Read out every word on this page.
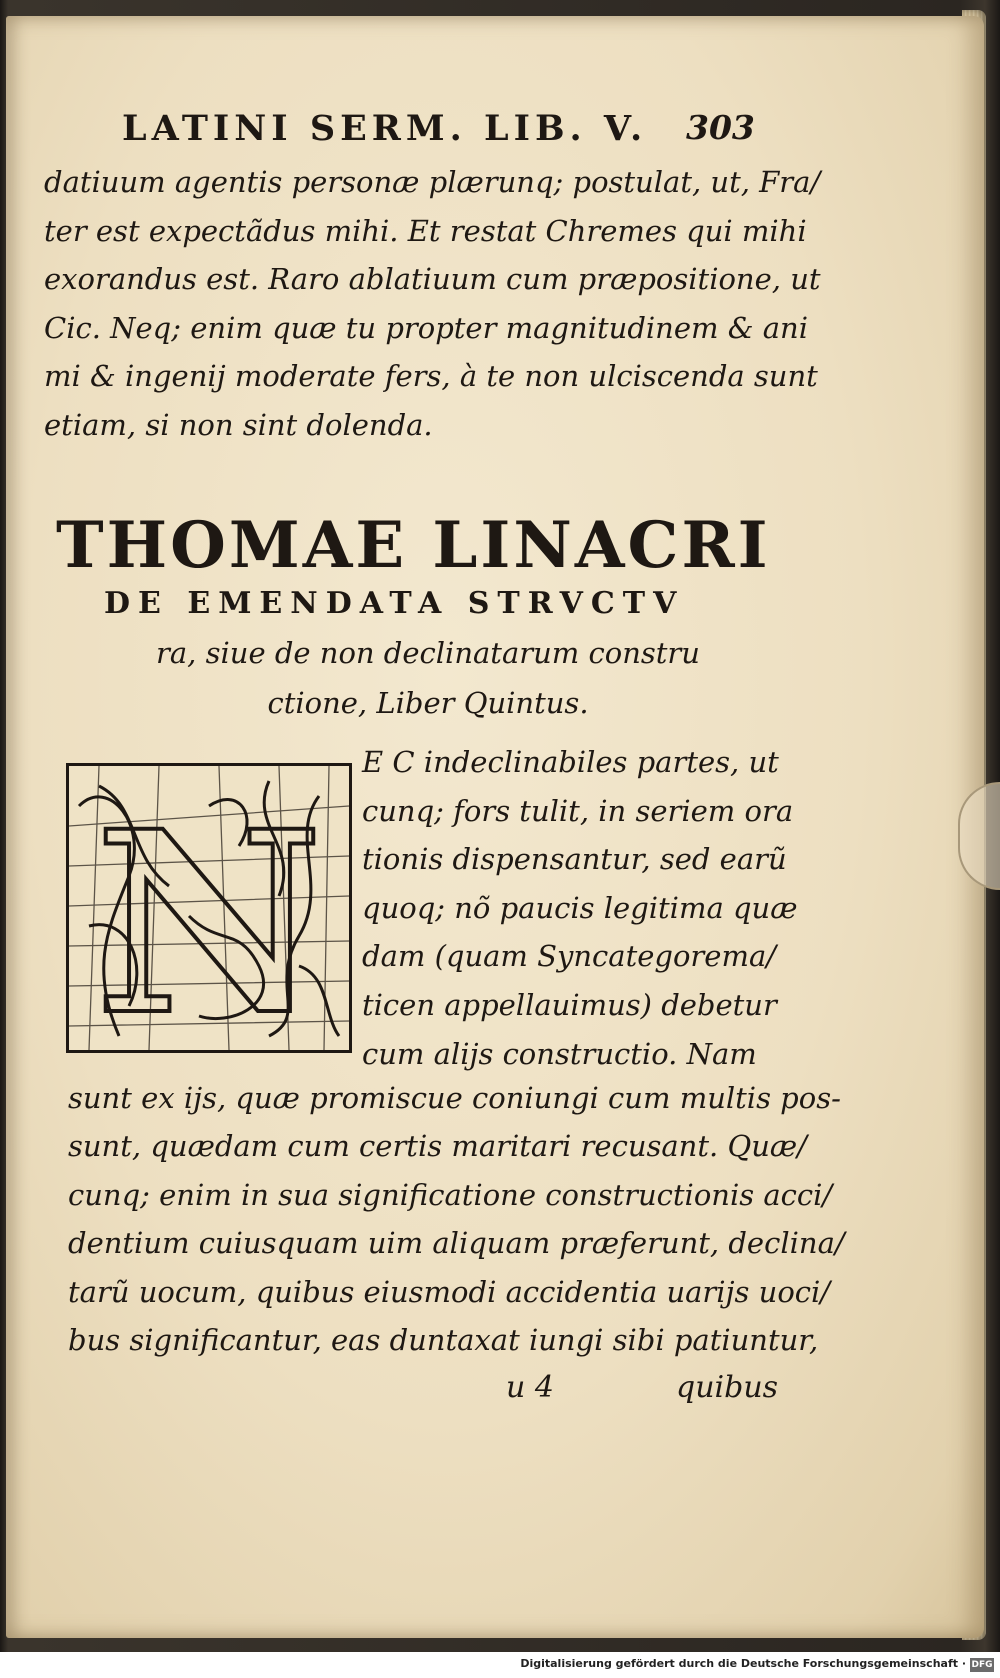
LATINI SERM. LIB. V.	303
datiuum agentis personæ plærunq; postulat, ut, Fra/
ter est expectãdus mihi. Et restat Chremes qui mihi
exorandus est. Raro ablatiuum cum præpositione, ut
Cic. Neq; enim quæ tu propter magnitudinem & ani
mi & ingenij moderate fers, à te non ulciscenda sunt
etiam, si non sint dolenda.
THOMAE LINACRI
DE EMENDATA STRVCTV
ra, siue de non declinatarum constru
ctione, Liber Quintus.
N
E C indeclinabiles partes, ut
cunq; fors tulit, in seriem ora
tionis dispensantur, sed earũ
quoq; nõ paucis legitima quæ
dam (quam Syncategorema/
ticen appellauimus) debetur
cum alijs constructio. Nam
sunt ex ijs, quæ promiscue coniungi cum multis pos-
sunt, quædam cum certis maritari recusant. Quæ/
cunq; enim in sua significatione constructionis acci/
dentium cuiusquam uim aliquam præferunt, declina/
tarũ uocum, quibus eiusmodi accidentia uarijs uoci/
bus significantur, eas duntaxat iungi sibi patiuntur,
u 4	quibus
Digitalisierung gefördert durch die Deutsche Forschungsgemeinschaft · DFG
